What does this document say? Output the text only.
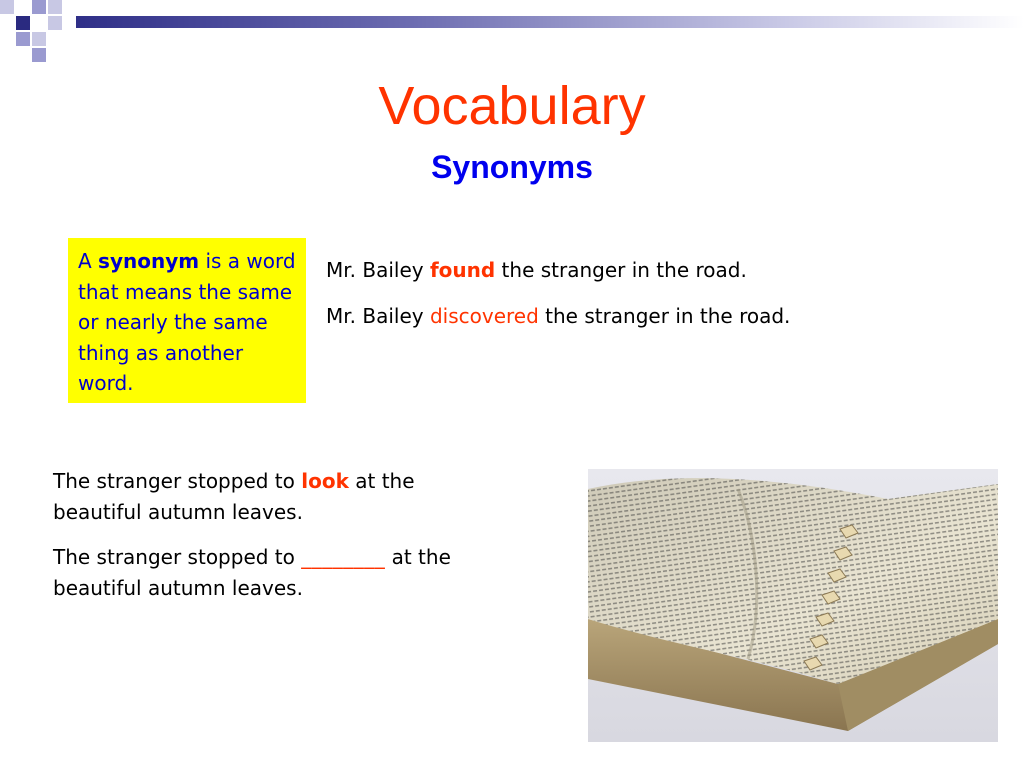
Vocabulary
Synonyms
A synonym is a word that means the same or nearly the same thing as another word.

Mr. Bailey found the stranger in the road.

Mr. Bailey discovered the stranger in the road.

The stranger stopped to look at the beautiful autumn leaves.

The stranger stopped to ________ at the beautiful autumn leaves.
